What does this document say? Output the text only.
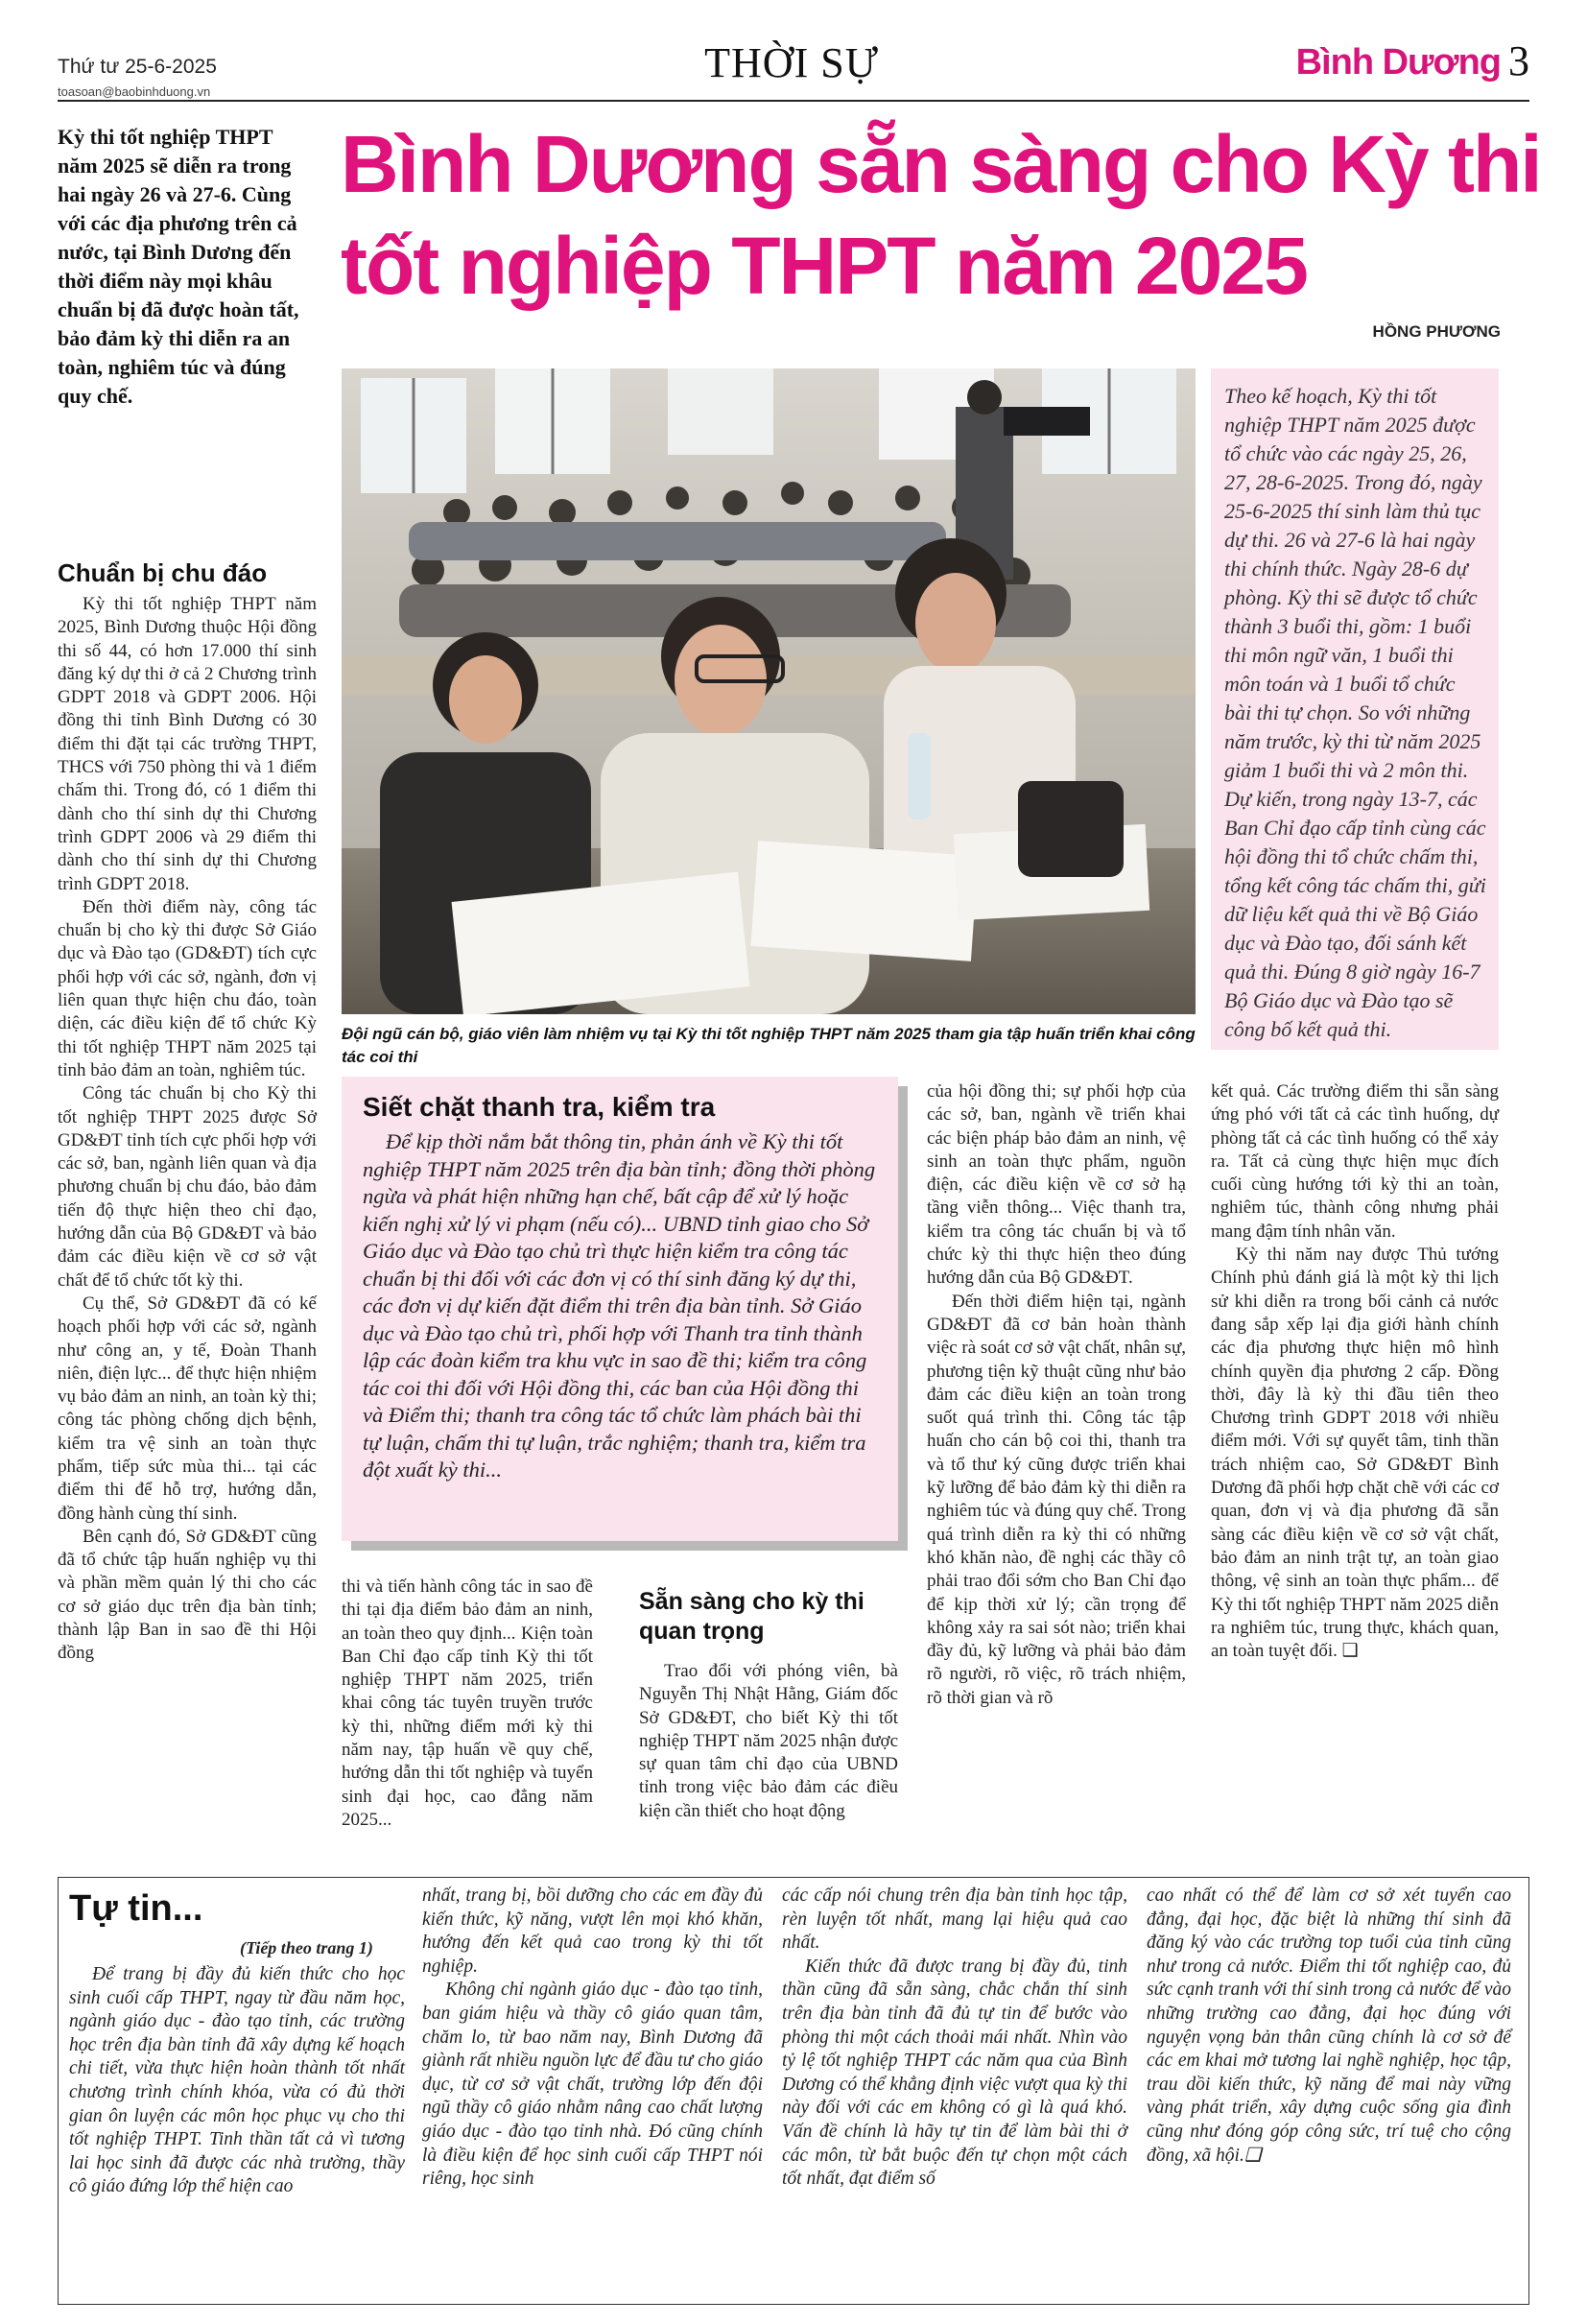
Thứ tư 25-6-2025
toasoan@baobinhduong.vn
THỜI SỰ	Bình Dương 3
Kỳ thi tốt nghiệp THPT năm 2025 sẽ diễn ra trong hai ngày 26 và 27-6. Cùng với các địa phương trên cả nước, tại Bình Dương đến thời điểm này mọi khâu chuẩn bị đã được hoàn tất, bảo đảm kỳ thi diễn ra an toàn, nghiêm túc và đúng quy chế.
Bình Dương sẵn sàng cho Kỳ thi tốt nghiệp THPT năm 2025
HỒNG PHƯƠNG
Đội ngũ cán bộ, giáo viên làm nhiệm vụ tại Kỳ thi tốt nghiệp THPT năm 2025 tham gia tập huấn triển khai công tác coi thi
Theo kế hoạch, Kỳ thi tốt nghiệp THPT năm 2025 được tổ chức vào các ngày 25, 26, 27, 28-6-2025. Trong đó, ngày 25-6-2025 thí sinh làm thủ tục dự thi. 26 và 27-6 là hai ngày thi chính thức. Ngày 28-6 dự phòng. Kỳ thi sẽ được tổ chức thành 3 buổi thi, gồm: 1 buổi thi môn ngữ văn, 1 buổi thi môn toán và 1 buổi tổ chức bài thi tự chọn. So với những năm trước, kỳ thi từ năm 2025 giảm 1 buổi thi và 2 môn thi. Dự kiến, trong ngày 13-7, các Ban Chỉ đạo cấp tỉnh cùng các hội đồng thi tổ chức chấm thi, tổng kết công tác chấm thi, gửi dữ liệu kết quả thi về Bộ Giáo dục và Đào tạo, đối sánh kết quả thi. Đúng 8 giờ ngày 16-7 Bộ Giáo dục và Đào tạo sẽ công bố kết quả thi.
Chuẩn bị chu đáo

Kỳ thi tốt nghiệp THPT năm 2025, Bình Dương thuộc Hội đồng thi số 44, có hơn 17.000 thí sinh đăng ký dự thi ở cả 2 Chương trình GDPT 2018 và GDPT 2006. Hội đồng thi tỉnh Bình Dương có 30 điểm thi đặt tại các trường THPT, THCS với 750 phòng thi và 1 điểm chấm thi. Trong đó, có 1 điểm thi dành cho thí sinh dự thi Chương trình GDPT 2006 và 29 điểm thi dành cho thí sinh dự thi Chương trình GDPT 2018.

Đến thời điểm này, công tác chuẩn bị cho kỳ thi được Sở Giáo dục và Đào tạo (GD&ĐT) tích cực phối hợp với các sở, ngành, đơn vị liên quan thực hiện chu đáo, toàn diện, các điều kiện để tổ chức Kỳ thi tốt nghiệp THPT năm 2025 tại tỉnh bảo đảm an toàn, nghiêm túc.

Công tác chuẩn bị cho Kỳ thi tốt nghiệp THPT 2025 được Sở GD&ĐT tỉnh tích cực phối hợp với các sở, ban, ngành liên quan và địa phương chuẩn bị chu đáo, bảo đảm tiến độ thực hiện theo chỉ đạo, hướng dẫn của Bộ GD&ĐT và bảo đảm các điều kiện về cơ sở vật chất để tổ chức tốt kỳ thi.

Cụ thể, Sở GD&ĐT đã có kế hoạch phối hợp với các sở, ngành như công an, y tế, Đoàn Thanh niên, điện lực... để thực hiện nhiệm vụ bảo đảm an ninh, an toàn kỳ thi; công tác phòng chống dịch bệnh, kiểm tra vệ sinh an toàn thực phẩm, tiếp sức mùa thi... tại các điểm thi để hỗ trợ, hướng dẫn, đồng hành cùng thí sinh.

Bên cạnh đó, Sở GD&ĐT cũng đã tổ chức tập huấn nghiệp vụ thi và phần mềm quản lý thi cho các cơ sở giáo dục trên địa bàn tỉnh; thành lập Ban in sao đề thi Hội đồng

Siết chặt thanh tra, kiểm tra
Để kịp thời nắm bắt thông tin, phản ánh về Kỳ thi tốt nghiệp THPT năm 2025 trên địa bàn tỉnh; đồng thời phòng ngừa và phát hiện những hạn chế, bất cập để xử lý hoặc kiến nghị xử lý vi phạm (nếu có)... UBND tỉnh giao cho Sở Giáo dục và Đào tạo chủ trì thực hiện kiểm tra công tác chuẩn bị thi đối với các đơn vị có thí sinh đăng ký dự thi, các đơn vị dự kiến đặt điểm thi trên địa bàn tỉnh. Sở Giáo dục và Đào tạo chủ trì, phối hợp với Thanh tra tỉnh thành lập các đoàn kiểm tra khu vực in sao đề thi; kiểm tra công tác coi thi đối với Hội đồng thi, các ban của Hội đồng thi và Điểm thi; thanh tra công tác tổ chức làm phách bài thi tự luận, chấm thi tự luận, trắc nghiệm; thanh tra, kiểm tra đột xuất kỳ thi...

thi và tiến hành công tác in sao đề thi tại địa điểm bảo đảm an ninh, an toàn theo quy định... Kiện toàn Ban Chỉ đạo cấp tỉnh Kỳ thi tốt nghiệp THPT năm 2025, triển khai công tác tuyên truyền trước kỳ thi, những điểm mới kỳ thi năm nay, tập huấn về quy chế, hướng dẫn thi tốt nghiệp và tuyển sinh đại học, cao đẳng năm 2025...

Sẵn sàng cho kỳ thi quan trọng

Trao đổi với phóng viên, bà Nguyễn Thị Nhật Hằng, Giám đốc Sở GD&ĐT, cho biết Kỳ thi tốt nghiệp THPT năm 2025 nhận được sự quan tâm chỉ đạo của UBND tỉnh trong việc bảo đảm các điều kiện cần thiết cho hoạt động

của hội đồng thi; sự phối hợp của các sở, ban, ngành về triển khai các biện pháp bảo đảm an ninh, vệ sinh an toàn thực phẩm, nguồn điện, các điều kiện về cơ sở hạ tầng viễn thông... Việc thanh tra, kiểm tra công tác chuẩn bị và tổ chức kỳ thi thực hiện theo đúng hướng dẫn của Bộ GD&ĐT.

Đến thời điểm hiện tại, ngành GD&ĐT đã cơ bản hoàn thành việc rà soát cơ sở vật chất, nhân sự, phương tiện kỹ thuật cũng như bảo đảm các điều kiện an toàn trong suốt quá trình thi. Công tác tập huấn cho cán bộ coi thi, thanh tra và tổ thư ký cũng được triển khai kỹ lưỡng để bảo đảm kỳ thi diễn ra nghiêm túc và đúng quy chế. Trong quá trình diễn ra kỳ thi có những khó khăn nào, đề nghị các thầy cô phải trao đổi sớm cho Ban Chỉ đạo để kịp thời xử lý; cần trọng để không xảy ra sai sót nào; triển khai đầy đủ, kỹ lưỡng và phải bảo đảm rõ người, rõ việc, rõ trách nhiệm, rõ thời gian và rõ

kết quả. Các trường điểm thi sẵn sàng ứng phó với tất cả các tình huống, dự phòng tất cả các tình huống có thể xảy ra. Tất cả cùng thực hiện mục đích cuối cùng hướng tới kỳ thi an toàn, nghiêm túc, thành công nhưng phải mang đậm tính nhân văn.

Kỳ thi năm nay được Thủ tướng Chính phủ đánh giá là một kỳ thi lịch sử khi diễn ra trong bối cảnh cả nước đang sắp xếp lại địa giới hành chính các địa phương thực hiện mô hình chính quyền địa phương 2 cấp. Đồng thời, đây là kỳ thi đầu tiên theo Chương trình GDPT 2018 với nhiều điểm mới. Với sự quyết tâm, tinh thần trách nhiệm cao, Sở GD&ĐT Bình Dương đã phối hợp chặt chẽ với các cơ quan, đơn vị và địa phương đã sẵn sàng các điều kiện về cơ sở vật chất, bảo đảm an ninh trật tự, an toàn giao thông, vệ sinh an toàn thực phẩm... để Kỳ thi tốt nghiệp THPT năm 2025 diễn ra nghiêm túc, trung thực, khách quan, an toàn tuyệt đối. ❑

Tự tin...
(Tiếp theo trang 1)

Để trang bị đầy đủ kiến thức cho học sinh cuối cấp THPT, ngay từ đầu năm học, ngành giáo dục - đào tạo tỉnh, các trường học trên địa bàn tỉnh đã xây dựng kế hoạch chi tiết, vừa thực hiện hoàn thành tốt nhất chương trình chính khóa, vừa có đủ thời gian ôn luyện các môn học phục vụ cho thi tốt nghiệp THPT. Tinh thần tất cả vì tương lai học sinh đã được các nhà trường, thầy cô giáo đứng lớp thể hiện cao

nhất, trang bị, bồi dưỡng cho các em đầy đủ kiến thức, kỹ năng, vượt lên mọi khó khăn, hướng đến kết quả cao trong kỳ thi tốt nghiệp.

Không chỉ ngành giáo dục - đào tạo tỉnh, ban giám hiệu và thầy cô giáo quan tâm, chăm lo, từ bao năm nay, Bình Dương đã giành rất nhiều nguồn lực để đầu tư cho giáo dục, từ cơ sở vật chất, trường lớp đến đội ngũ thầy cô giáo nhằm nâng cao chất lượng giáo dục - đào tạo tỉnh nhà. Đó cũng chính là điều kiện để học sinh cuối cấp THPT nói riêng, học sinh

các cấp nói chung trên địa bàn tỉnh học tập, rèn luyện tốt nhất, mang lại hiệu quả cao nhất.

Kiến thức đã được trang bị đầy đủ, tinh thần cũng đã sẵn sàng, chắc chắn thí sinh trên địa bàn tỉnh đã đủ tự tin để bước vào phòng thi một cách thoải mái nhất. Nhìn vào tỷ lệ tốt nghiệp THPT các năm qua của Bình Dương có thể khẳng định việc vượt qua kỳ thi này đối với các em không có gì là quá khó. Vấn đề chính là hãy tự tin để làm bài thi ở các môn, từ bắt buộc đến tự chọn một cách tốt nhất, đạt điểm số

cao nhất có thể để làm cơ sở xét tuyển cao đẳng, đại học, đặc biệt là những thí sinh đã đăng ký vào các trường top tuổi của tỉnh cũng như trong cả nước. Điểm thi tốt nghiệp cao, đủ sức cạnh tranh với thí sinh trong cả nước để vào những trường cao đẳng, đại học đúng với nguyện vọng bản thân cũng chính là cơ sở để các em khai mở tương lai nghề nghiệp, học tập, trau dồi kiến thức, kỹ năng để mai này vững vàng phát triển, xây dựng cuộc sống gia đình cũng như đóng góp công sức, trí tuệ cho cộng đồng, xã hội.❑
